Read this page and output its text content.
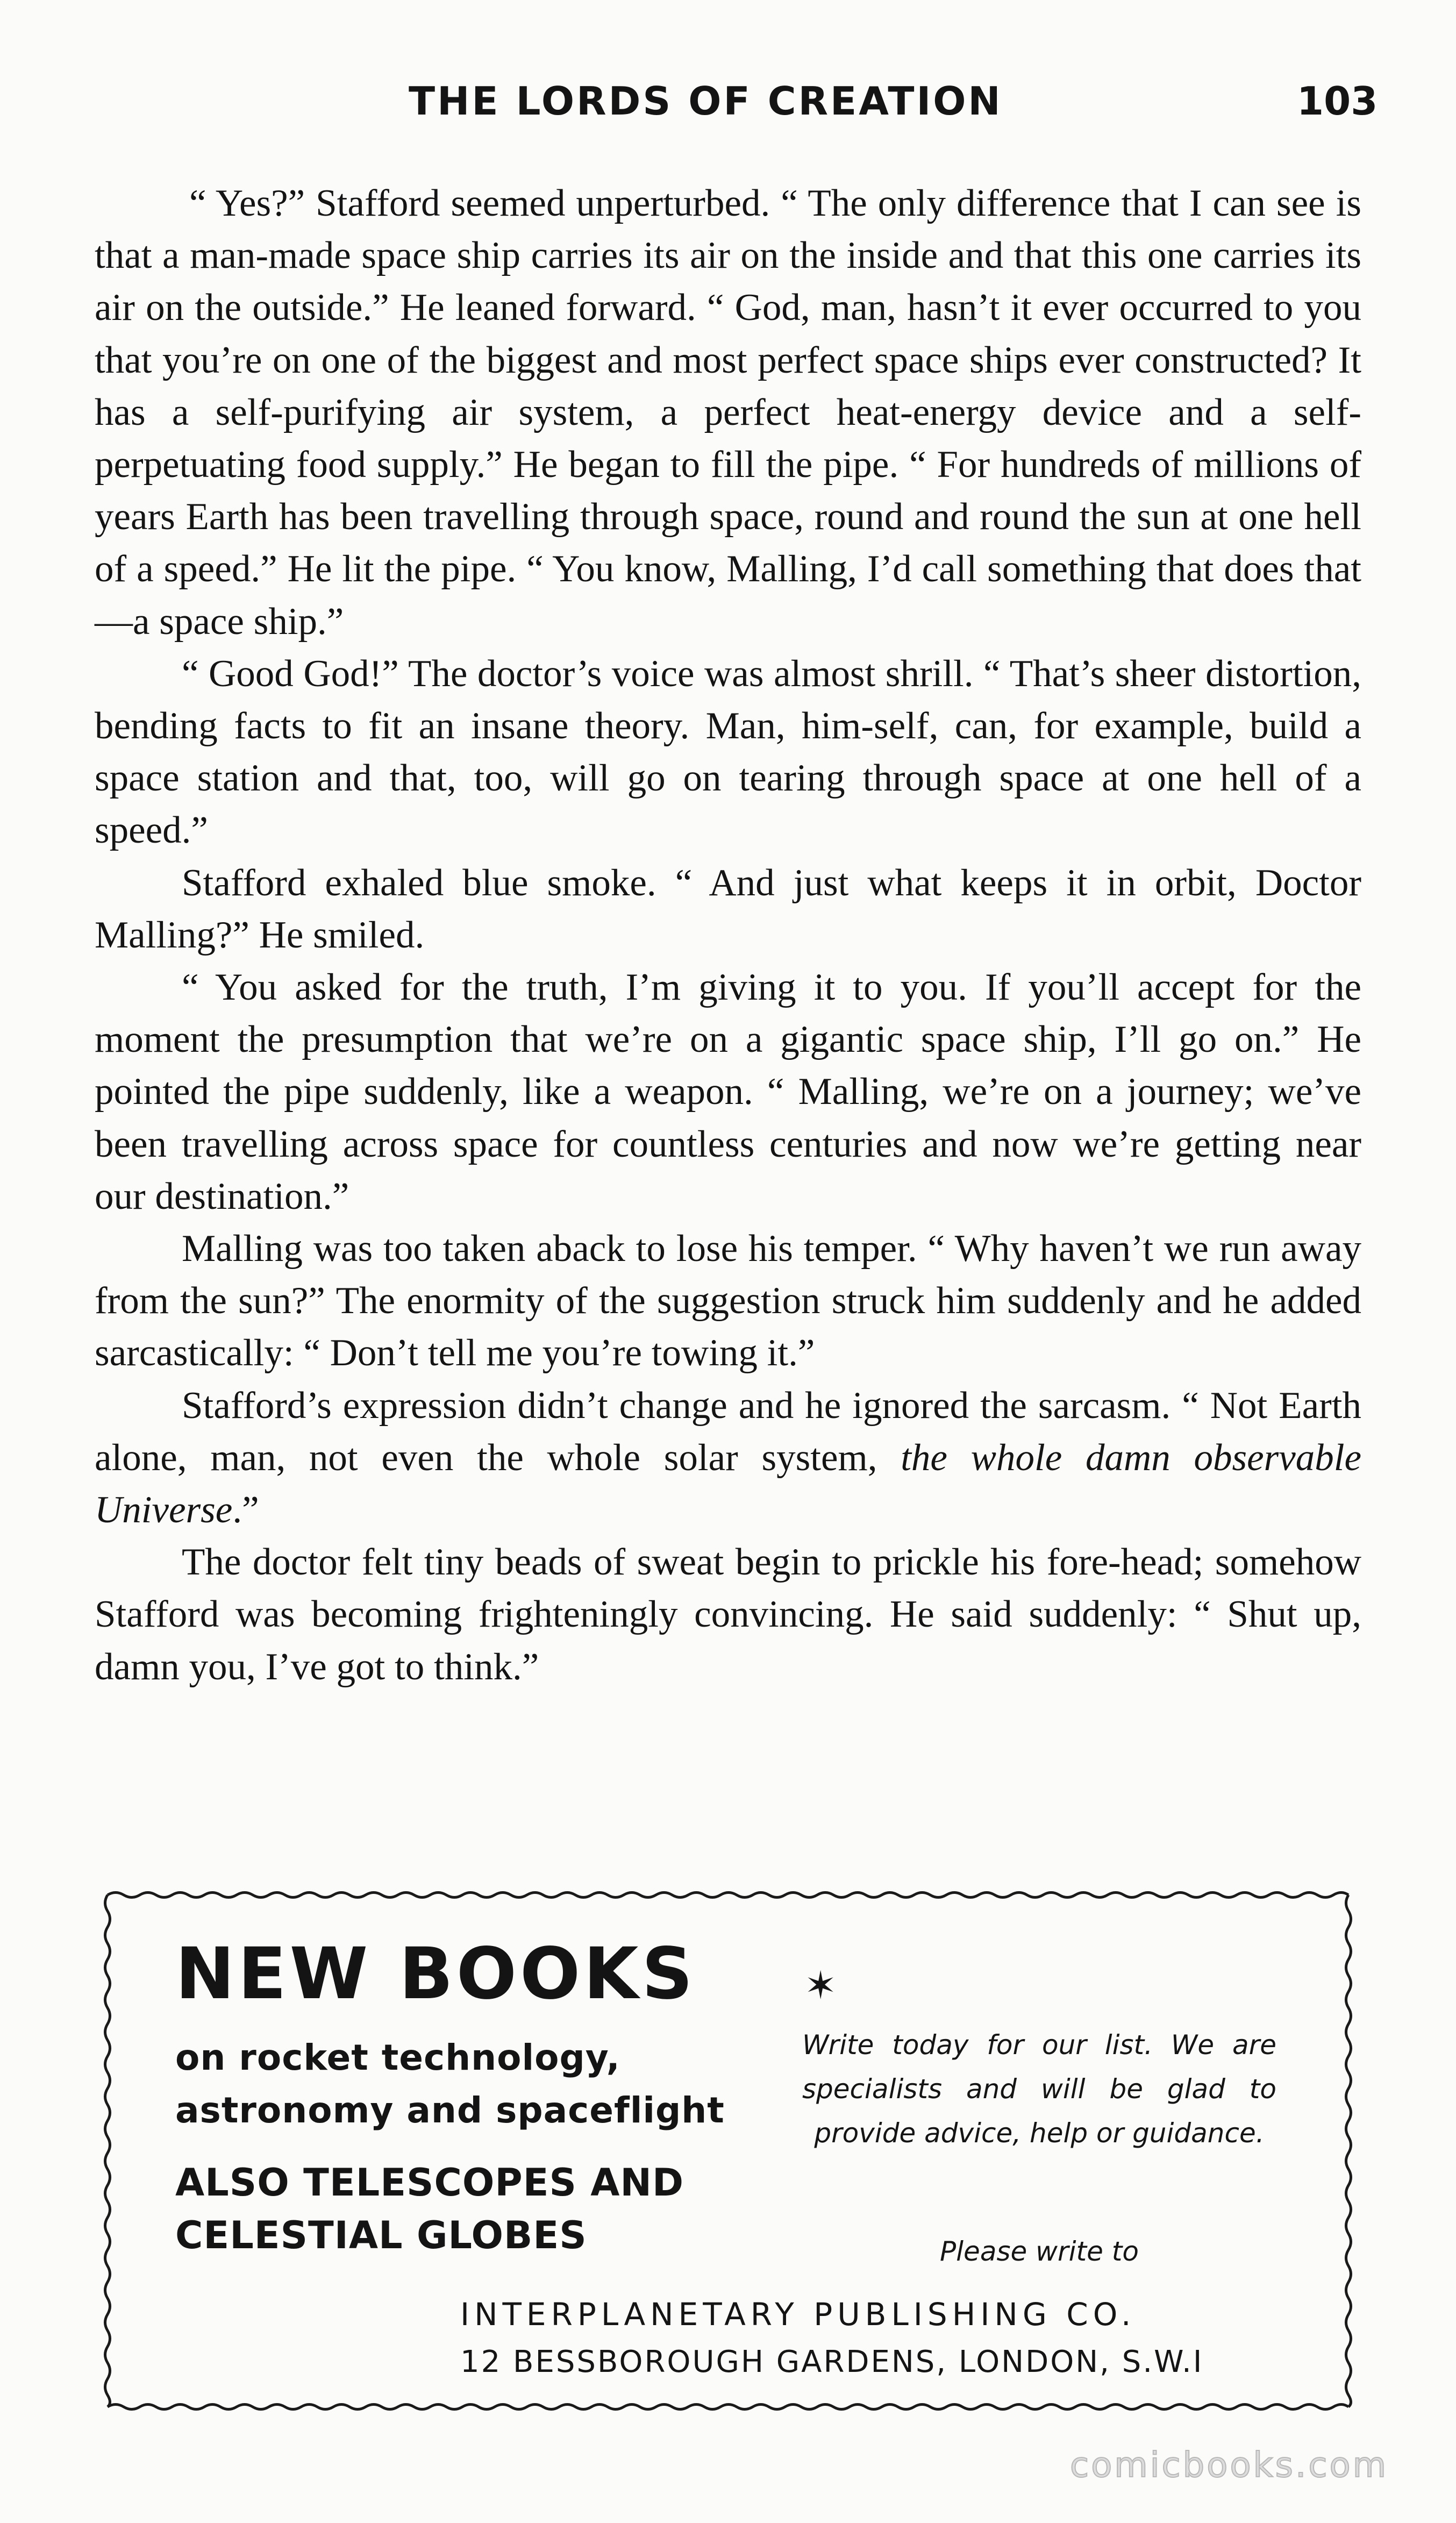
THE LORDS OF CREATION	103

“ Yes?” Stafford seemed unperturbed. “ The only difference that I can see is that a man-made space ship carries its air on the inside and that this one carries its air on the outside.” He leaned forward. “ God, man, hasn’t it ever occurred to you that you’re on one of the biggest and most perfect space ships ever constructed? It has a self-purifying air system, a perfect heat-energy device and a self-perpetuating food supply.” He began to fill the pipe. “ For hundreds of millions of years Earth has been travelling through space, round and round the sun at one hell of a speed.” He lit the pipe. “ You know, Malling, I’d call something that does that—a space ship.”

“ Good God!” The doctor’s voice was almost shrill. “ That’s sheer distortion, bending facts to fit an insane theory. Man, him-self, can, for example, build a space station and that, too, will go on tearing through space at one hell of a speed.”

Stafford exhaled blue smoke. “ And just what keeps it in orbit, Doctor Malling?” He smiled.

“ You asked for the truth, I’m giving it to you. If you’ll accept for the moment the presumption that we’re on a gigantic space ship, I’ll go on.” He pointed the pipe suddenly, like a weapon. “ Malling, we’re on a journey; we’ve been travelling across space for countless centuries and now we’re getting near our destination.”

Malling was too taken aback to lose his temper. “ Why haven’t we run away from the sun?” The enormity of the suggestion struck him suddenly and he added sarcastically: “ Don’t tell me you’re towing it.”

Stafford’s expression didn’t change and he ignored the sarcasm. “ Not Earth alone, man, not even the whole solar system, the whole damn observable Universe.”

The doctor felt tiny beads of sweat begin to prickle his fore-head; somehow Stafford was becoming frighteningly convincing. He said suddenly: “ Shut up, damn you, I’ve got to think.”

NEW BOOKS	✶
on rocket technology,
astronomy and spaceflight
ALSO TELESCOPES AND
CELESTIAL GLOBES
Write today for our list. We are specialists and will be glad to provide advice, help or guidance.
Please write to
INTERPLANETARY PUBLISHING CO.
12 BESSBOROUGH GARDENS, LONDON, S.W.I
comicbooks.com
